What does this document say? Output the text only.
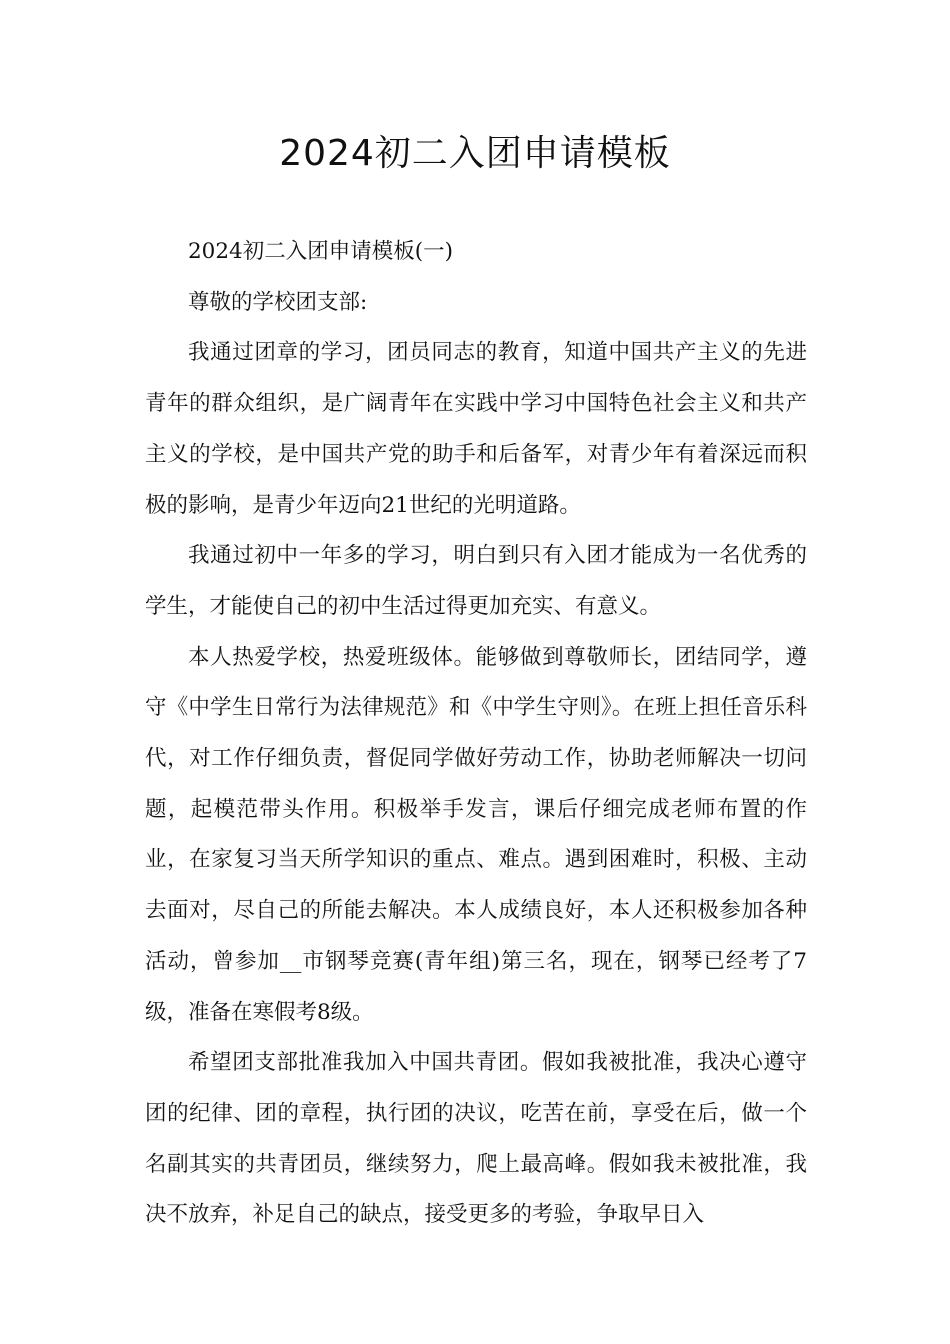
2024初二入团申请模板

2024初二入团申请模板(一)

尊敬的学校团支部:

我通过团章的学习，团员同志的教育，知道中国共产主义的先进青年的群众组织，是广阔青年在实践中学习中国特色社会主义和共产主义的学校，是中国共产党的助手和后备军，对青少年有着深远而积极的影响，是青少年迈向21世纪的光明道路。

我通过初中一年多的学习，明白到只有入团才能成为一名优秀的学生，才能使自己的初中生活过得更加充实、有意义。

本人热爱学校，热爱班级体。能够做到尊敬师长，团结同学，遵守《中学生日常行为法律规范》和《中学生守则》。在班上担任音乐科代，对工作仔细负责，督促同学做好劳动工作，协助老师解决一切问题，起模范带头作用。积极举手发言，课后仔细完成老师布置的作业，在家复习当天所学知识的重点、难点。遇到困难时，积极、主动去面对，尽自己的所能去解决。本人成绩良好，本人还积极参加各种活动，曾参加__市钢琴竞赛(青年组)第三名，现在，钢琴已经考了7级，准备在寒假考8级。

希望团支部批准我加入中国共青团。假如我被批准，我决心遵守团的纪律、团的章程，执行团的决议，吃苦在前，享受在后，做一个名副其实的共青团员，继续努力，爬上最高峰。假如我未被批准，我决不放弃，补足自己的缺点，接受更多的考验，争取早日入
